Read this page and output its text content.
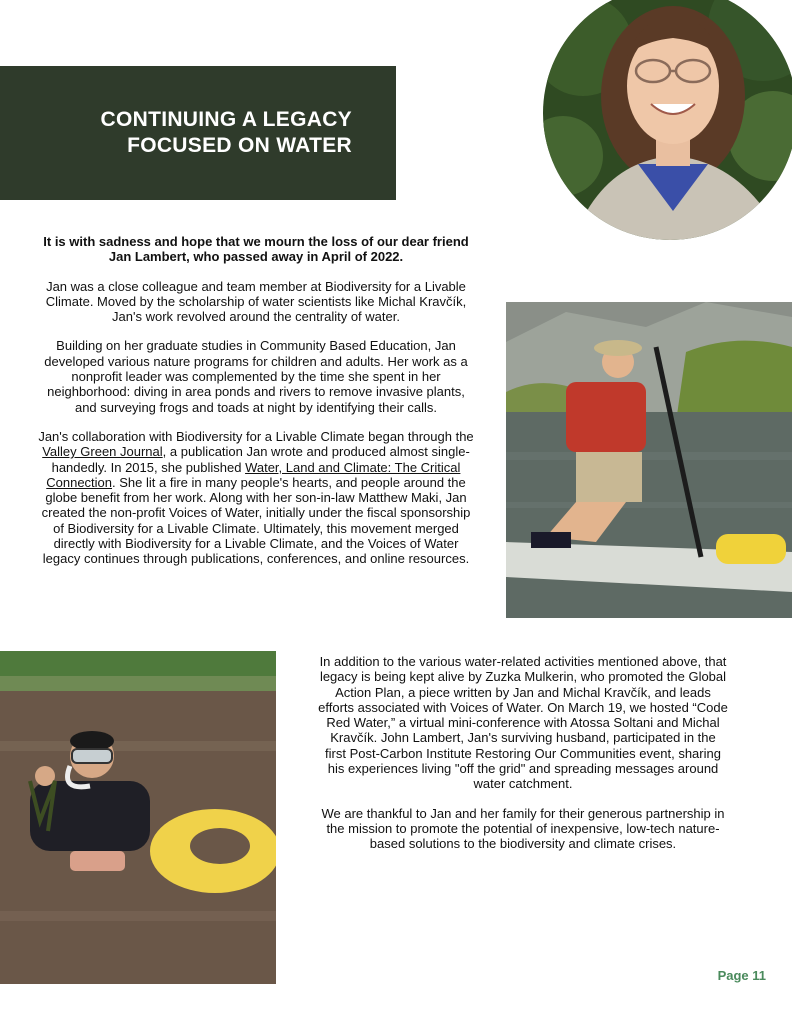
CONTINUING A LEGACY
FOCUSED ON WATER

It is with sadness and hope that we mourn the loss of our dear friend Jan Lambert, who passed away in April of 2022.

Jan was a close colleague and team member at Biodiversity for a Livable Climate. Moved by the scholarship of water scientists like Michal Kravčík, Jan's work revolved around the centrality of water.

Building on her graduate studies in Community Based Education, Jan developed various nature programs for children and adults. Her work as a nonprofit leader was complemented by the time she spent in her neighborhood: diving in area ponds and rivers to remove invasive plants, and surveying frogs and toads at night by identifying their calls.

Jan's collaboration with Biodiversity for a Livable Climate began through the Valley Green Journal, a publication Jan wrote and produced almost single-handedly. In 2015, she published Water, Land and Climate: The Critical Connection. She lit a fire in many people's hearts, and people around the globe benefit from her work. Along with her son-in-law Matthew Maki, Jan created the non-profit Voices of Water, initially under the fiscal sponsorship of Biodiversity for a Livable Climate. Ultimately, this movement merged directly with Biodiversity for a Livable Climate, and the Voices of Water legacy continues through publications, conferences, and online resources.

In addition to the various water-related activities mentioned above, that legacy is being kept alive by Zuzka Mulkerin, who promoted the Global Action Plan, a piece written by Jan and Michal Kravčík, and leads efforts associated with Voices of Water. On March 19, we hosted “Code Red Water,” a virtual mini-conference with Atossa Soltani and Michal Kravčík. John Lambert, Jan's surviving husband, participated in the first Post-Carbon Institute Restoring Our Communities event, sharing his experiences living "off the grid" and spreading messages around water catchment.

We are thankful to Jan and her family for their generous partnership in the mission to promote the potential of inexpensive, low-tech nature-based solutions to the biodiversity and climate crises.

Page 11
